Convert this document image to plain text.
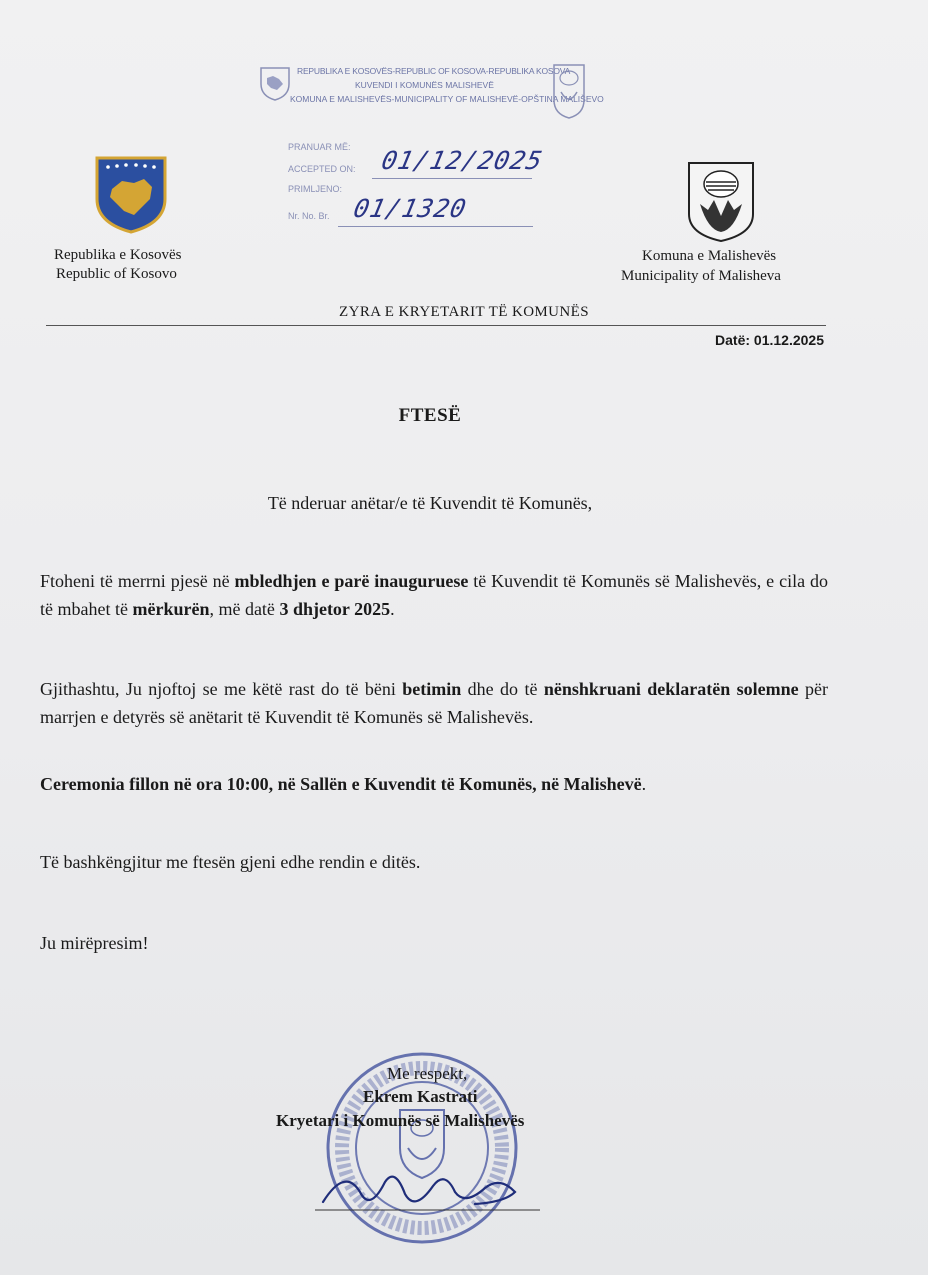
REPUBLIKA E KOSOVËS-REPUBLIC OF KOSOVA-REPUBLIKA KOSOVA
KUVENDI I KOMUNËS MALISHEVË
KOMUNA E MALISHEVËS-MUNICIPALITY OF MALISHEVË-OPŠTINA MALIŠEVO
PRANUAR MË:
ACCEPTED ON:
PRIMLJENO:
Nr. No. Br.
01/12/2025
01/1320
Republika e Kosovës
Republic of Kosovo
Komuna e Malishevës
Municipality of Malisheva
ZYRA E KRYETARIT TË KOMUNËS
Datë: 01.12.2025
FTESË
Të nderuar anëtar/e të Kuvendit të Komunës,
Ftoheni të merrni pjesë në mbledhjen e parë inauguruese të Kuvendit të Komunës së Malishevës, e cila do të mbahet të mërkurën, më datë 3 dhjetor 2025.
Gjithashtu, Ju njoftoj se me këtë rast do të bëni betimin dhe do të nënshkruani deklaratën solemne për marrjen e detyrës së anëtarit të Kuvendit të Komunës së Malishevës.
Ceremonia fillon në ora 10:00, në Sallën e Kuvendit të Komunës, në Malishevë.
Të bashkëngjitur me ftesën gjeni edhe rendin e ditës.
Ju mirëpresim!
Me respekt,
Ekrem Kastrati
Kryetari i Komunës së Malishevës
